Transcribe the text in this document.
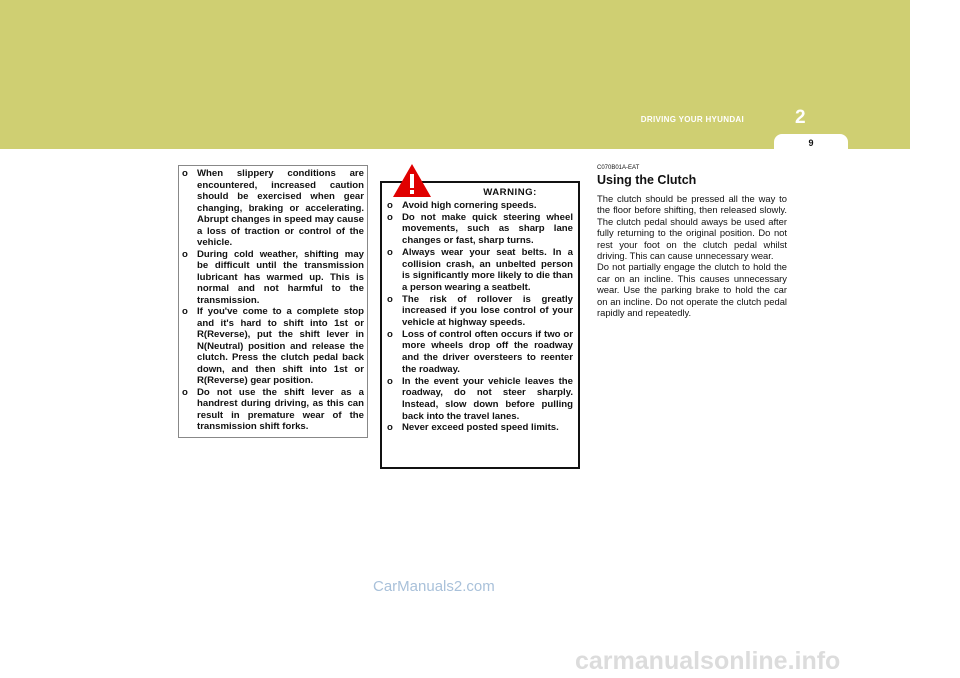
DRIVING YOUR HYUNDAI	2
9
o When slippery conditions are encountered, increased caution should be exercised when gear changing, braking or accelerating. Abrupt changes in speed may cause a loss of traction or control of the vehicle.
o During cold weather, shifting may be difficult until the transmission lubricant has warmed up. This is normal and not harmful to the transmission.
o If you've come to a complete stop and it's hard to shift into 1st or R(Reverse), put the shift lever in N(Neutral) position and release the clutch. Press the clutch pedal back down, and then shift into 1st or R(Reverse) gear position.
o Do not use the shift lever as a handrest during driving, as this can result in premature wear of the transmission shift forks.
WARNING:
o Avoid high cornering speeds.
o Do not make quick steering wheel movements, such as sharp lane changes or fast, sharp turns.
o Always wear your seat belts. In a collision crash, an unbelted person is significantly more likely to die than a person wearing a seatbelt.
o The risk of rollover is greatly increased if you lose control of your vehicle at highway speeds.
o Loss of control often occurs if two or more wheels drop off the roadway and the driver oversteers to reenter the roadway.
o In the event your vehicle leaves the roadway, do not steer sharply. Instead, slow down before pulling back into the travel lanes.
o Never exceed posted speed limits.
C070B01A-EAT
Using the Clutch

The clutch should be pressed all the way to the floor before shifting, then released slowly. The clutch pedal should aways be used after fully returning to the original position. Do not rest your foot on the clutch pedal whilst driving. This can cause unnecessary wear.

Do not partially engage the clutch to hold the car on an incline. This causes unnecessary wear. Use the parking brake to hold the car on an incline. Do not operate the clutch pedal rapidly and repeatedly.

CarManuals2.com
carmanualsonline.info
